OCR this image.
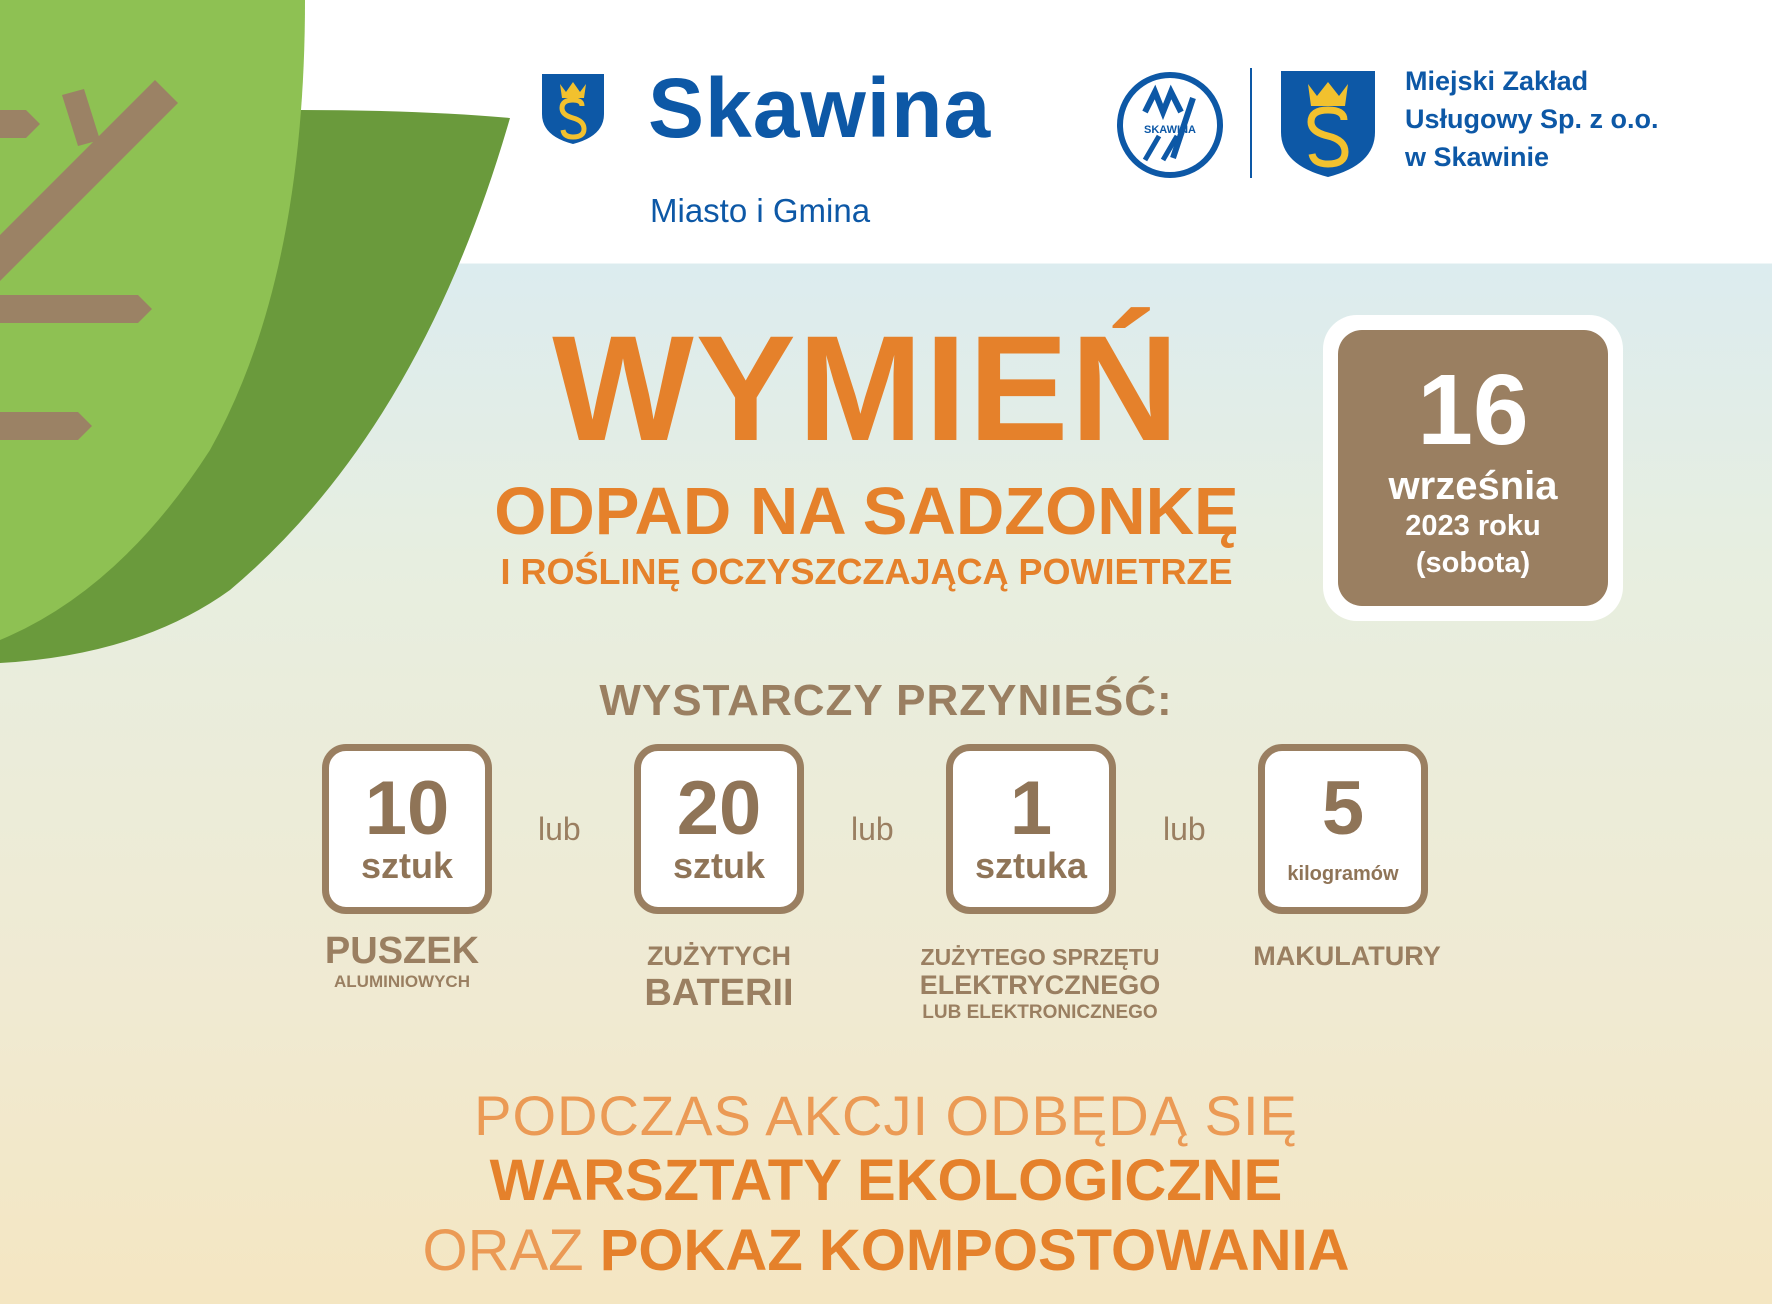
Skawina
Miasto i Gmina
SKAWINA
Miejski Zakład
Usługowy Sp. z o.o.
w Skawinie
WYMIEŃ
ODPAD NA SADZONKĘ
I ROŚLINĘ OCZYSZCZAJĄCĄ POWIETRZE
16
września
2023 roku
(sobota)
WYSTARCZY PRZYNIEŚĆ:
10
sztuk
lub	20
sztuk
lub	1
sztuka
lub	5
kilogramów
PUSZEK
ALUMINIOWYCH
ZUŻYTYCH
BATERII
ZUŻYTEGO SPRZĘTU
ELEKTRYCZNEGO
LUB ELEKTRONICZNEGO
MAKULATURY
PODCZAS AKCJI ODBĘDĄ SIĘ
WARSZTATY EKOLOGICZNE
ORAZ POKAZ KOMPOSTOWANIA
